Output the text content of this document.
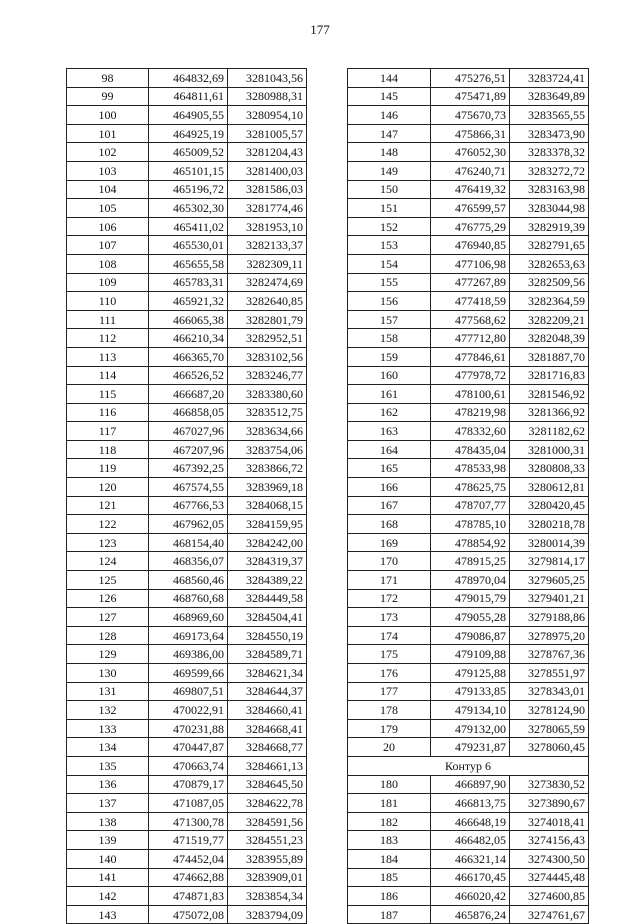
177
98	464832,69	3281043,56
99	464811,61	3280988,31
100	464905,55	3280954,10
101	464925,19	3281005,57
102	465009,52	3281204,43
103	465101,15	3281400,03
104	465196,72	3281586,03
105	465302,30	3281774,46
106	465411,02	3281953,10
107	465530,01	3282133,37
108	465655,58	3282309,11
109	465783,31	3282474,69
110	465921,32	3282640,85
111	466065,38	3282801,79
112	466210,34	3282952,51
113	466365,70	3283102,56
114	466526,52	3283246,77
115	466687,20	3283380,60
116	466858,05	3283512,75
117	467027,96	3283634,66
118	467207,96	3283754,06
119	467392,25	3283866,72
120	467574,55	3283969,18
121	467766,53	3284068,15
122	467962,05	3284159,95
123	468154,40	3284242,00
124	468356,07	3284319,37
125	468560,46	3284389,22
126	468760,68	3284449,58
127	468969,60	3284504,41
128	469173,64	3284550,19
129	469386,00	3284589,71
130	469599,66	3284621,34
131	469807,51	3284644,37
132	470022,91	3284660,41
133	470231,88	3284668,41
134	470447,87	3284668,77
135	470663,74	3284661,13
136	470879,17	3284645,50
137	471087,05	3284622,78
138	471300,78	3284591,56
139	471519,77	3284551,23
140	474452,04	3283955,89
141	474662,88	3283909,01
142	474871,83	3283854,34
143	475072,08	3283794,09
144	475276,51	3283724,41
145	475471,89	3283649,89
146	475670,73	3283565,55
147	475866,31	3283473,90
148	476052,30	3283378,32
149	476240,71	3283272,72
150	476419,32	3283163,98
151	476599,57	3283044,98
152	476775,29	3282919,39
153	476940,85	3282791,65
154	477106,98	3282653,63
155	477267,89	3282509,56
156	477418,59	3282364,59
157	477568,62	3282209,21
158	477712,80	3282048,39
159	477846,61	3281887,70
160	477978,72	3281716,83
161	478100,61	3281546,92
162	478219,98	3281366,92
163	478332,60	3281182,62
164	478435,04	3281000,31
165	478533,98	3280808,33
166	478625,75	3280612,81
167	478707,77	3280420,45
168	478785,10	3280218,78
169	478854,92	3280014,39
170	478915,25	3279814,17
171	478970,04	3279605,25
172	479015,79	3279401,21
173	479055,28	3279188,86
174	479086,87	3278975,20
175	479109,88	3278767,36
176	479125,88	3278551,97
177	479133,85	3278343,01
178	479134,10	3278124,90
179	479132,00	3278065,59
20	479231,87	3278060,45
Контур 6		
180	466897,90	3273830,52
181	466813,75	3273890,67
182	466648,19	3274018,41
183	466482,05	3274156,43
184	466321,14	3274300,50
185	466170,45	3274445,48
186	466020,42	3274600,85
187	465876,24	3274761,67
